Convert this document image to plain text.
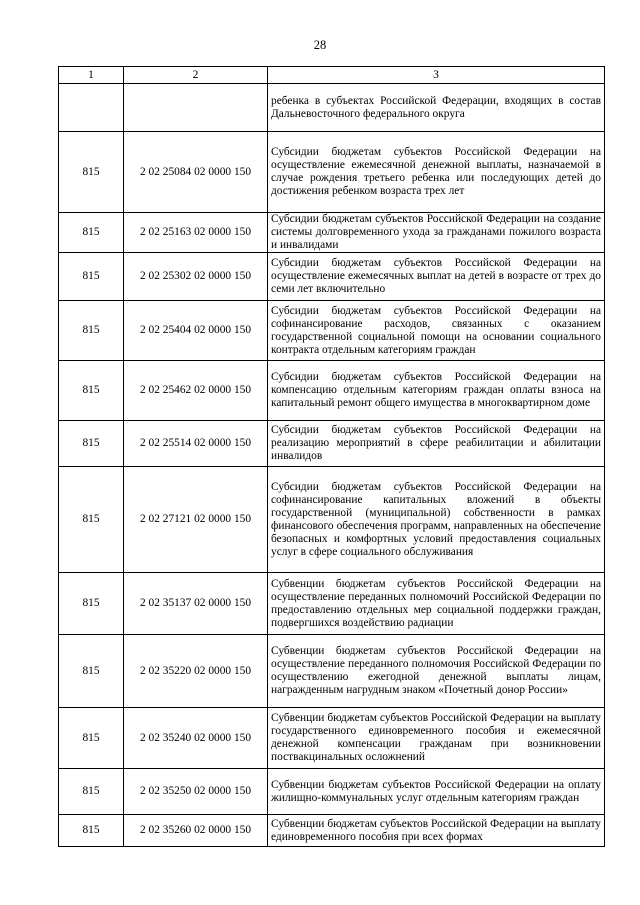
28
1	2	3
		ребенка в субъектах Российской Федерации, входящих в состав Дальневосточного федерального округа
815	2 02 25084 02 0000 150	Субсидии бюджетам субъектов Российской Федерации на осуществление ежемесячной денежной выплаты, назначаемой в случае рождения третьего ребенка или последующих детей до достижения ребенком возраста трех лет
815	2 02 25163 02 0000 150	Субсидии бюджетам субъектов Российской Федерации на создание системы долговременного ухода за гражданами пожилого возраста и инвалидами
815	2 02 25302 02 0000 150	Субсидии бюджетам субъектов Российской Федерации на осуществление ежемесячных выплат на детей в возрасте от трех до семи лет включительно
815	2 02 25404 02 0000 150	Субсидии бюджетам субъектов Российской Федерации на софинансирование расходов, связанных с оказанием государственной социальной помощи на основании социального контракта отдельным категориям граждан
815	2 02 25462 02 0000 150	Субсидии бюджетам субъектов Российской Федерации на компенсацию отдельным категориям граждан оплаты взноса на капитальный ремонт общего имущества в многоквартирном доме
815	2 02 25514 02 0000 150	Субсидии бюджетам субъектов Российской Федерации на реализацию мероприятий в сфере реабилитации и абилитации инвалидов
815	2 02 27121 02 0000 150	Субсидии бюджетам субъектов Российской Федерации на софинансирование капитальных вложений в объекты государственной (муниципальной) собственности в рамках финансового обеспечения программ, направленных на обеспечение безопасных и комфортных условий предоставления социальных услуг в сфере социального обслуживания
815	2 02 35137 02 0000 150	Субвенции бюджетам субъектов Российской Федерации на осуществление переданных полномочий Российской Федерации по предоставлению отдельных мер социальной поддержки граждан, подвергшихся воздействию радиации
815	2 02 35220 02 0000 150	Субвенции бюджетам субъектов Российской Федерации на осуществление переданного полномочия Российской Федерации по осуществлению ежегодной денежной выплаты лицам, награжденным нагрудным знаком «Почетный донор России»
815	2 02 35240 02 0000 150	Субвенции бюджетам субъектов Российской Федерации на выплату государственного единовременного пособия и ежемесячной денежной компенсации гражданам при возникновении поствакцинальных осложнений
815	2 02 35250 02 0000 150	Субвенции бюджетам субъектов Российской Федерации на оплату жилищно-коммунальных услуг отдельным категориям граждан
815	2 02 35260 02 0000 150	Субвенции бюджетам субъектов Российской Федерации на выплату единовременного пособия при всех формах
